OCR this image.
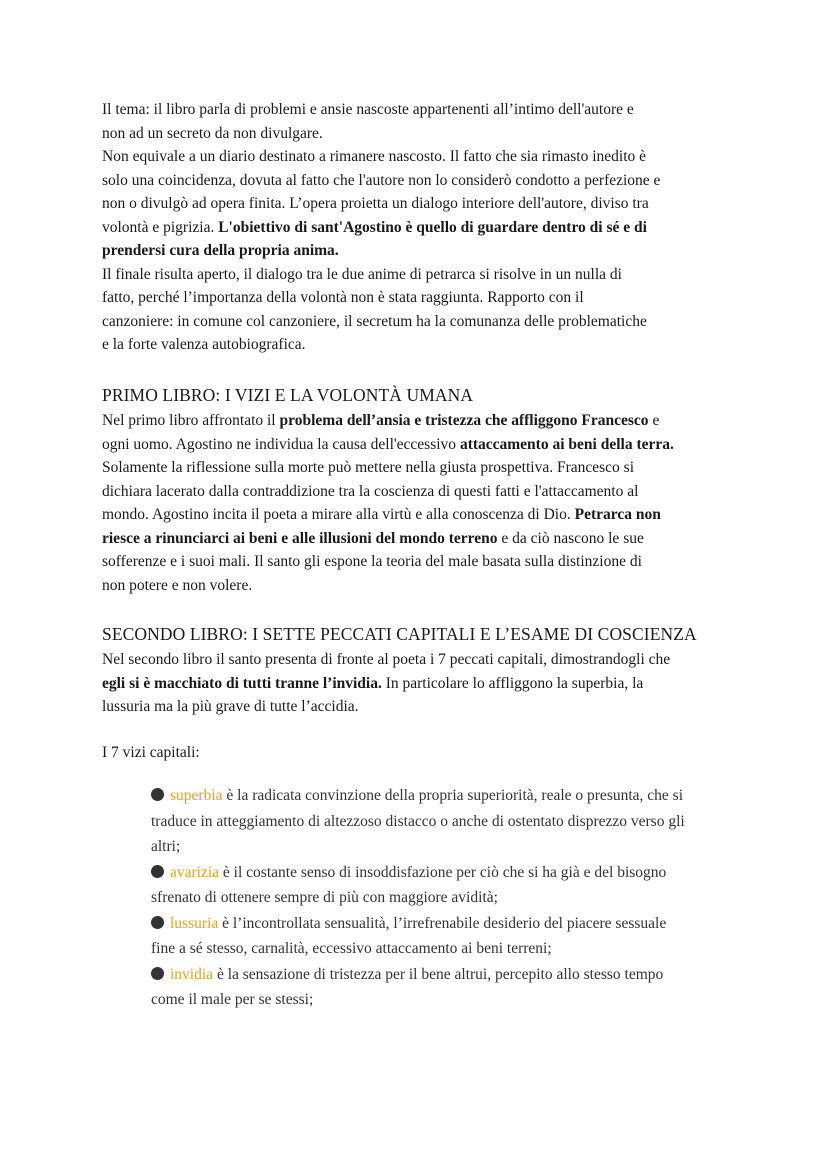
Il tema: il libro parla di problemi e ansie nascoste appartenenti all’intimo dell'autore e

non ad un secreto da non divulgare.

Non equivale a un diario destinato a rimanere nascosto. Il fatto che sia rimasto inedito è

solo una coincidenza, dovuta al fatto che l'autore non lo considerò condotto a perfezione e

non o divulgò ad opera finita. L’opera proietta un dialogo interiore dell'autore, diviso tra

volontà e pigrizia. L'obiettivo di sant'Agostino è quello di guardare dentro di sé e di

prendersi cura della propria anima.

Il finale risulta aperto, il dialogo tra le due anime di petrarca si risolve in un nulla di

fatto, perché l’importanza della volontà non è stata raggiunta. Rapporto con il

canzoniere: in comune col canzoniere, il secretum ha la comunanza delle problematiche

e la forte valenza autobiografica.

PRIMO LIBRO: I VIZI E LA VOLONTÀ UMANA

Nel primo libro affrontato il problema dell’ansia e tristezza che affliggono Francesco e

ogni uomo. Agostino ne individua la causa dell'eccessivo attaccamento ai beni della terra.

Solamente la riflessione sulla morte può mettere nella giusta prospettiva. Francesco si

dichiara lacerato dalla contraddizione tra la coscienza di questi fatti e l'attaccamento al

mondo. Agostino incita il poeta a mirare alla virtù e alla conoscenza di Dio. Petrarca non

riesce a rinunciarci ai beni e alle illusioni del mondo terreno e da ciò nascono le sue

sofferenze e i suoi mali. Il santo gli espone la teoria del male basata sulla distinzione di

non potere e non volere.

SECONDO LIBRO: I SETTE PECCATI CAPITALI E L’ESAME DI COSCIENZA

Nel secondo libro il santo presenta di fronte al poeta i 7 peccati capitali, dimostrandogli che

egli si è macchiato di tutti tranne l’invidia. In particolare lo affliggono la superbia, la

lussuria ma la più grave di tutte l’accidia.

I 7 vizi capitali:

superbia è la radicata convinzione della propria superiorità, reale o presunta, che si

traduce in atteggiamento di altezzoso distacco o anche di ostentato disprezzo verso gli

altri;

avarizia è il costante senso di insoddisfazione per ciò che si ha già e del bisogno

sfrenato di ottenere sempre di più con maggiore avidità;

lussuria è l’incontrollata sensualità, l’irrefrenabile desiderio del piacere sessuale

fine a sé stesso, carnalità, eccessivo attaccamento ai beni terreni;

invidia è la sensazione di tristezza per il bene altrui, percepito allo stesso tempo

come il male per se stessi;
